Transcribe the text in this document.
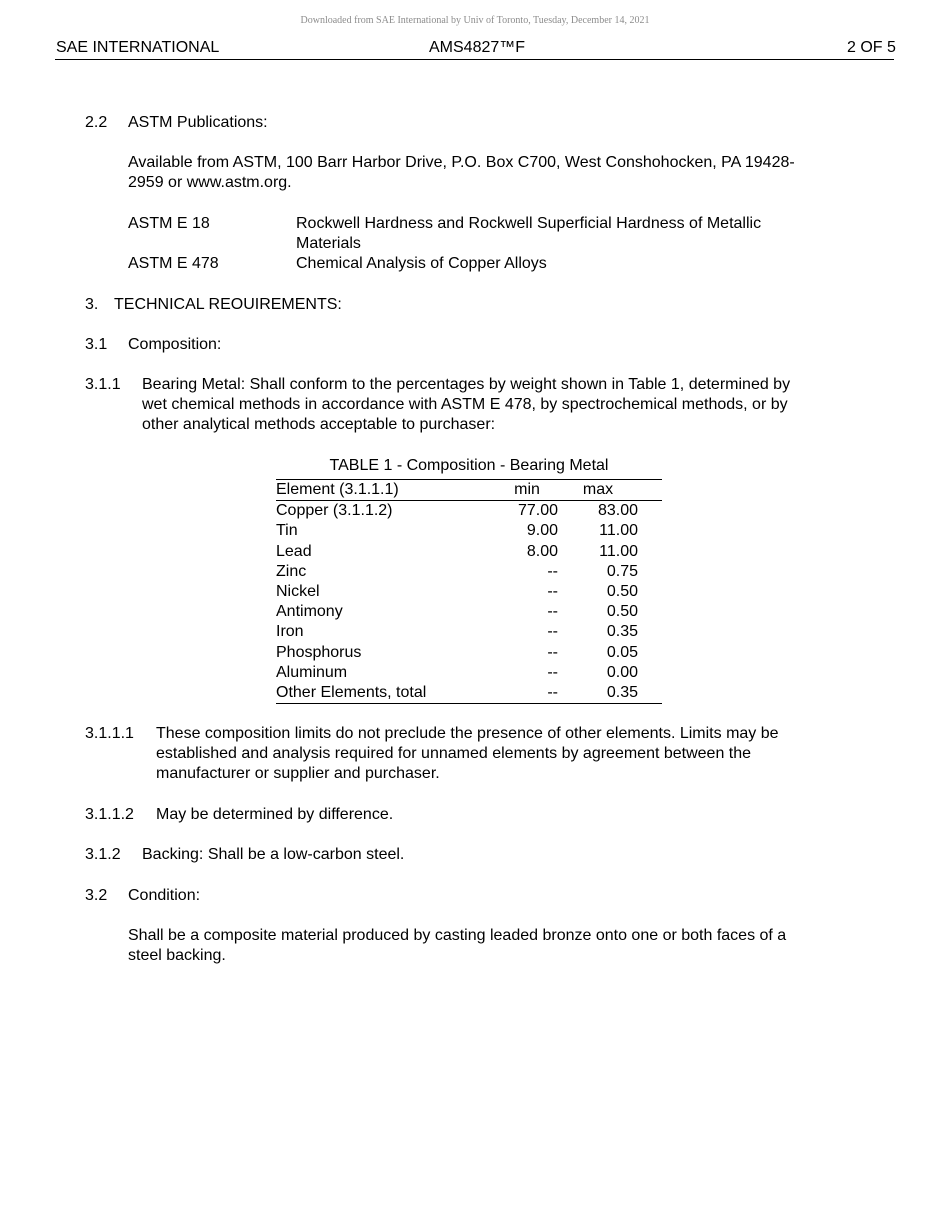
Downloaded from SAE International by Univ of Toronto, Tuesday, December 14, 2021
SAE INTERNATIONAL	AMS4827™F	2 OF 5
2.2 ASTM Publications:
Available from ASTM, 100 Barr Harbor Drive, P.O. Box C700, West Conshohocken, PA 19428-
2959 or www.astm.org.
ASTM E 18	Rockwell Hardness and Rockwell Superficial Hardness of Metallic
Materials
ASTM E 478	Chemical Analysis of Copper Alloys
3. TECHNICAL REOUIREMENTS:
3.1 Composition:
3.1.1 Bearing Metal: Shall conform to the percentages by weight shown in Table 1, determined by
wet chemical methods in accordance with ASTM E 478, by spectrochemical methods, or by
other analytical methods acceptable to purchaser:
TABLE 1 - Composition - Bearing Metal
Element (3.1.1.1)	min	max	
Copper (3.1.1.2)	77.00	83.00	
Tin	9.00	11.00	
Lead	8.00	11.00	
Zinc	--	0.75	
Nickel	--	0.50	
Antimony	--	0.50	
Iron	--	0.35	
Phosphorus	--	0.05	
Aluminum	--	0.00	
Other Elements, total	--	0.35	
3.1.1.1 These composition limits do not preclude the presence of other elements. Limits may be
established and analysis required for unnamed elements by agreement between the
manufacturer or supplier and purchaser.
3.1.1.2 May be determined by difference.
3.1.2 Backing: Shall be a low-carbon steel.
3.2 Condition:
Shall be a composite material produced by casting leaded bronze onto one or both faces of a
steel backing.
